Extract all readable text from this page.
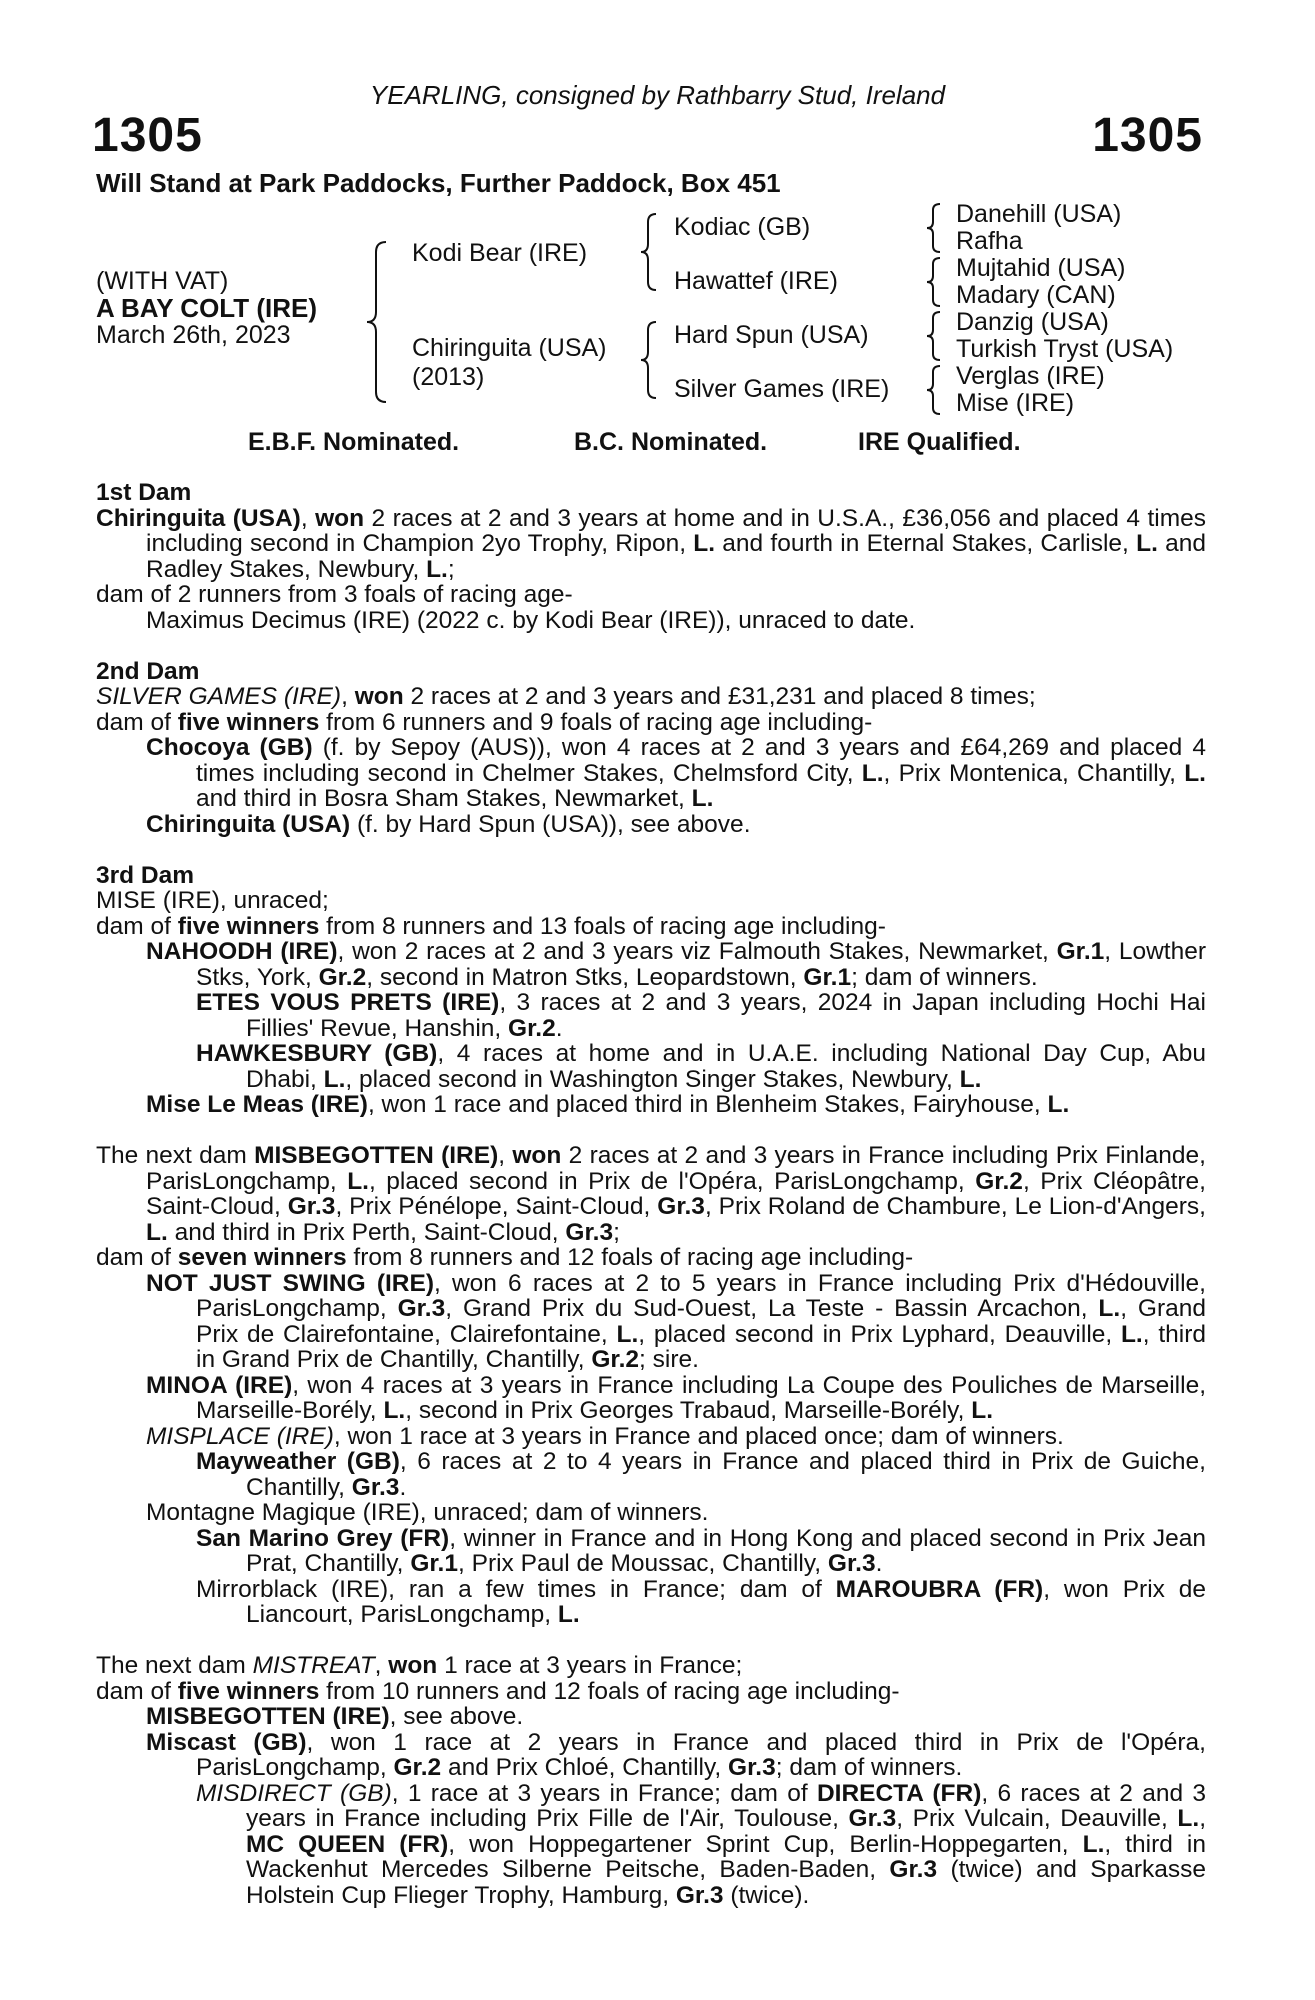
YEARLING, consigned by Rathbarry Stud, Ireland
1305	1305
Will Stand at Park Paddocks, Further Paddock, Box 451
(WITH VAT)
A BAY COLT (IRE)
March 26th, 2023
Kodi Bear (IRE)
Chiringuita (USA)
(2013)
Kodiac (GB)
Hawattef (IRE)
Hard Spun (USA)
Silver Games (IRE)
Danehill (USA)
Rafha
Mujtahid (USA)
Madary (CAN)
Danzig (USA)
Turkish Tryst (USA)
Verglas (IRE)
Mise (IRE)
E.B.F. Nominated.	B.C. Nominated.	IRE Qualified.
1st Dam
Chiringuita (USA), won 2 races at 2 and 3 years at home and in U.S.A., £36,056 and placed 4 times including second in Champion 2yo Trophy, Ripon, L. and fourth in Eternal Stakes, Carlisle, L. and Radley Stakes, Newbury, L.;
dam of 2 runners from 3 foals of racing age-
Maximus Decimus (IRE) (2022 c. by Kodi Bear (IRE)), unraced to date.
2nd Dam
SILVER GAMES (IRE), won 2 races at 2 and 3 years and £31,231 and placed 8 times;
dam of five winners from 6 runners and 9 foals of racing age including-
Chocoya (GB) (f. by Sepoy (AUS)), won 4 races at 2 and 3 years and £64,269 and placed 4 times including second in Chelmer Stakes, Chelmsford City, L., Prix Montenica, Chantilly, L. and third in Bosra Sham Stakes, Newmarket, L.
Chiringuita (USA) (f. by Hard Spun (USA)), see above.
3rd Dam
MISE (IRE), unraced;
dam of five winners from 8 runners and 13 foals of racing age including-
NAHOODH (IRE), won 2 races at 2 and 3 years viz Falmouth Stakes, Newmarket, Gr.1, Lowther Stks, York, Gr.2, second in Matron Stks, Leopardstown, Gr.1; dam of winners.
ETES VOUS PRETS (IRE), 3 races at 2 and 3 years, 2024 in Japan including Hochi Hai Fillies' Revue, Hanshin, Gr.2.
HAWKESBURY (GB), 4 races at home and in U.A.E. including National Day Cup, Abu Dhabi, L., placed second in Washington Singer Stakes, Newbury, L.
Mise Le Meas (IRE), won 1 race and placed third in Blenheim Stakes, Fairyhouse, L.
The next dam MISBEGOTTEN (IRE), won 2 races at 2 and 3 years in France including Prix Finlande, ParisLongchamp, L., placed second in Prix de l'Opéra, ParisLongchamp, Gr.2, Prix Cléopâtre, Saint-Cloud, Gr.3, Prix Pénélope, Saint-Cloud, Gr.3, Prix Roland de Chambure, Le Lion-d'Angers, L. and third in Prix Perth, Saint-Cloud, Gr.3;
dam of seven winners from 8 runners and 12 foals of racing age including-
NOT JUST SWING (IRE), won 6 races at 2 to 5 years in France including Prix d'Hédouville, ParisLongchamp, Gr.3, Grand Prix du Sud-Ouest, La Teste - Bassin Arcachon, L., Grand Prix de Clairefontaine, Clairefontaine, L., placed second in Prix Lyphard, Deauville, L., third in Grand Prix de Chantilly, Chantilly, Gr.2; sire.
MINOA (IRE), won 4 races at 3 years in France including La Coupe des Pouliches de Marseille, Marseille-Borély, L., second in Prix Georges Trabaud, Marseille-Borély, L.
MISPLACE (IRE), won 1 race at 3 years in France and placed once; dam of winners.
Mayweather (GB), 6 races at 2 to 4 years in France and placed third in Prix de Guiche, Chantilly, Gr.3.
Montagne Magique (IRE), unraced; dam of winners.
San Marino Grey (FR), winner in France and in Hong Kong and placed second in Prix Jean Prat, Chantilly, Gr.1, Prix Paul de Moussac, Chantilly, Gr.3.
Mirrorblack (IRE), ran a few times in France; dam of MAROUBRA (FR), won Prix de Liancourt, ParisLongchamp, L.
The next dam MISTREAT, won 1 race at 3 years in France;
dam of five winners from 10 runners and 12 foals of racing age including-
MISBEGOTTEN (IRE), see above.
Miscast (GB), won 1 race at 2 years in France and placed third in Prix de l'Opéra, ParisLongchamp, Gr.2 and Prix Chloé, Chantilly, Gr.3; dam of winners.
MISDIRECT (GB), 1 race at 3 years in France; dam of DIRECTA (FR), 6 races at 2 and 3 years in France including Prix Fille de l'Air, Toulouse, Gr.3, Prix Vulcain, Deauville, L., MC QUEEN (FR), won Hoppegartener Sprint Cup, Berlin-Hoppegarten, L., third in Wackenhut Mercedes Silberne Peitsche, Baden-Baden, Gr.3 (twice) and Sparkasse Holstein Cup Flieger Trophy, Hamburg, Gr.3 (twice).
